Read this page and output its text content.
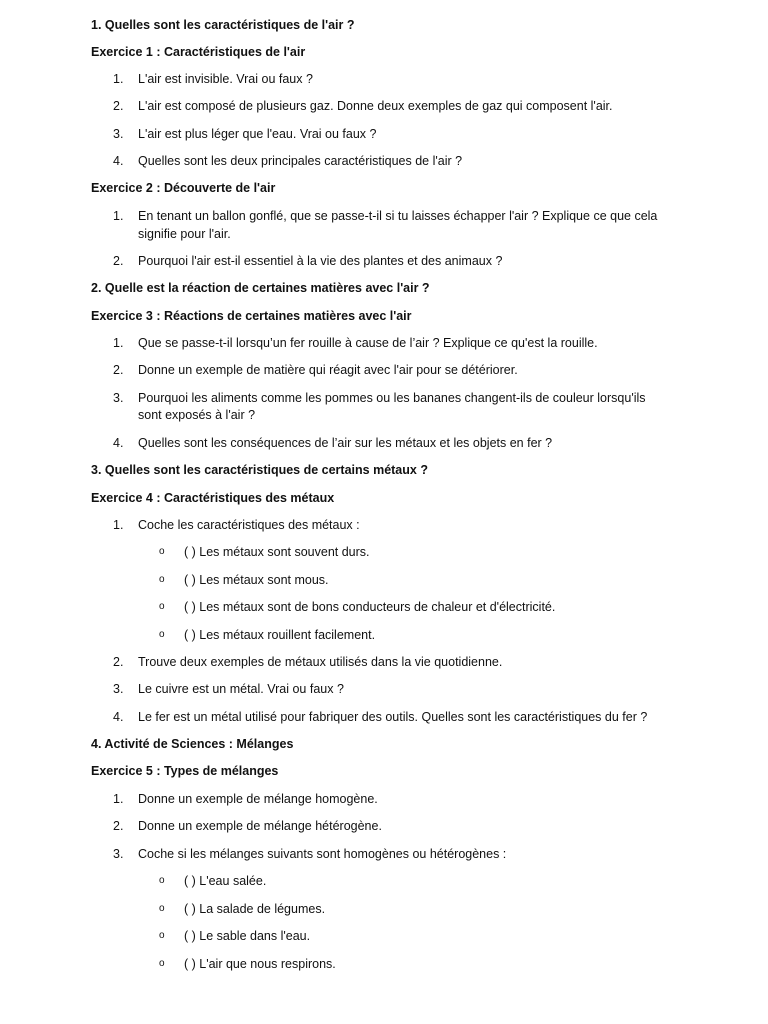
1. Quelles sont les caractéristiques de l'air ?
Exercice 1 : Caractéristiques de l'air
1. L'air est invisible. Vrai ou faux ?
2. L'air est composé de plusieurs gaz. Donne deux exemples de gaz qui composent l'air.
3. L'air est plus léger que l'eau. Vrai ou faux ?
4. Quelles sont les deux principales caractéristiques de l'air ?
Exercice 2 : Découverte de l'air
1. En tenant un ballon gonflé, que se passe-t-il si tu laisses échapper l'air ? Explique ce que cela
signifie pour l'air.
2. Pourquoi l'air est-il essentiel à la vie des plantes et des animaux ?
2. Quelle est la réaction de certaines matières avec l'air ?
Exercice 3 : Réactions de certaines matières avec l'air
1. Que se passe-t-il lorsqu’un fer rouille à cause de l’air ? Explique ce qu'est la rouille.
2. Donne un exemple de matière qui réagit avec l'air pour se détériorer.
3. Pourquoi les aliments comme les pommes ou les bananes changent-ils de couleur lorsqu'ils
sont exposés à l'air ?
4. Quelles sont les conséquences de l’air sur les métaux et les objets en fer ?
3. Quelles sont les caractéristiques de certains métaux ?
Exercice 4 : Caractéristiques des métaux
1. Coche les caractéristiques des métaux :
o ( ) Les métaux sont souvent durs.
o ( ) Les métaux sont mous.
o ( ) Les métaux sont de bons conducteurs de chaleur et d'électricité.
o ( ) Les métaux rouillent facilement.
2. Trouve deux exemples de métaux utilisés dans la vie quotidienne.
3. Le cuivre est un métal. Vrai ou faux ?
4. Le fer est un métal utilisé pour fabriquer des outils. Quelles sont les caractéristiques du fer ?
4. Activité de Sciences : Mélanges
Exercice 5 : Types de mélanges
1. Donne un exemple de mélange homogène.
2. Donne un exemple de mélange hétérogène.
3. Coche si les mélanges suivants sont homogènes ou hétérogènes :
o ( ) L'eau salée.
o ( ) La salade de légumes.
o ( ) Le sable dans l'eau.
o ( ) L'air que nous respirons.
